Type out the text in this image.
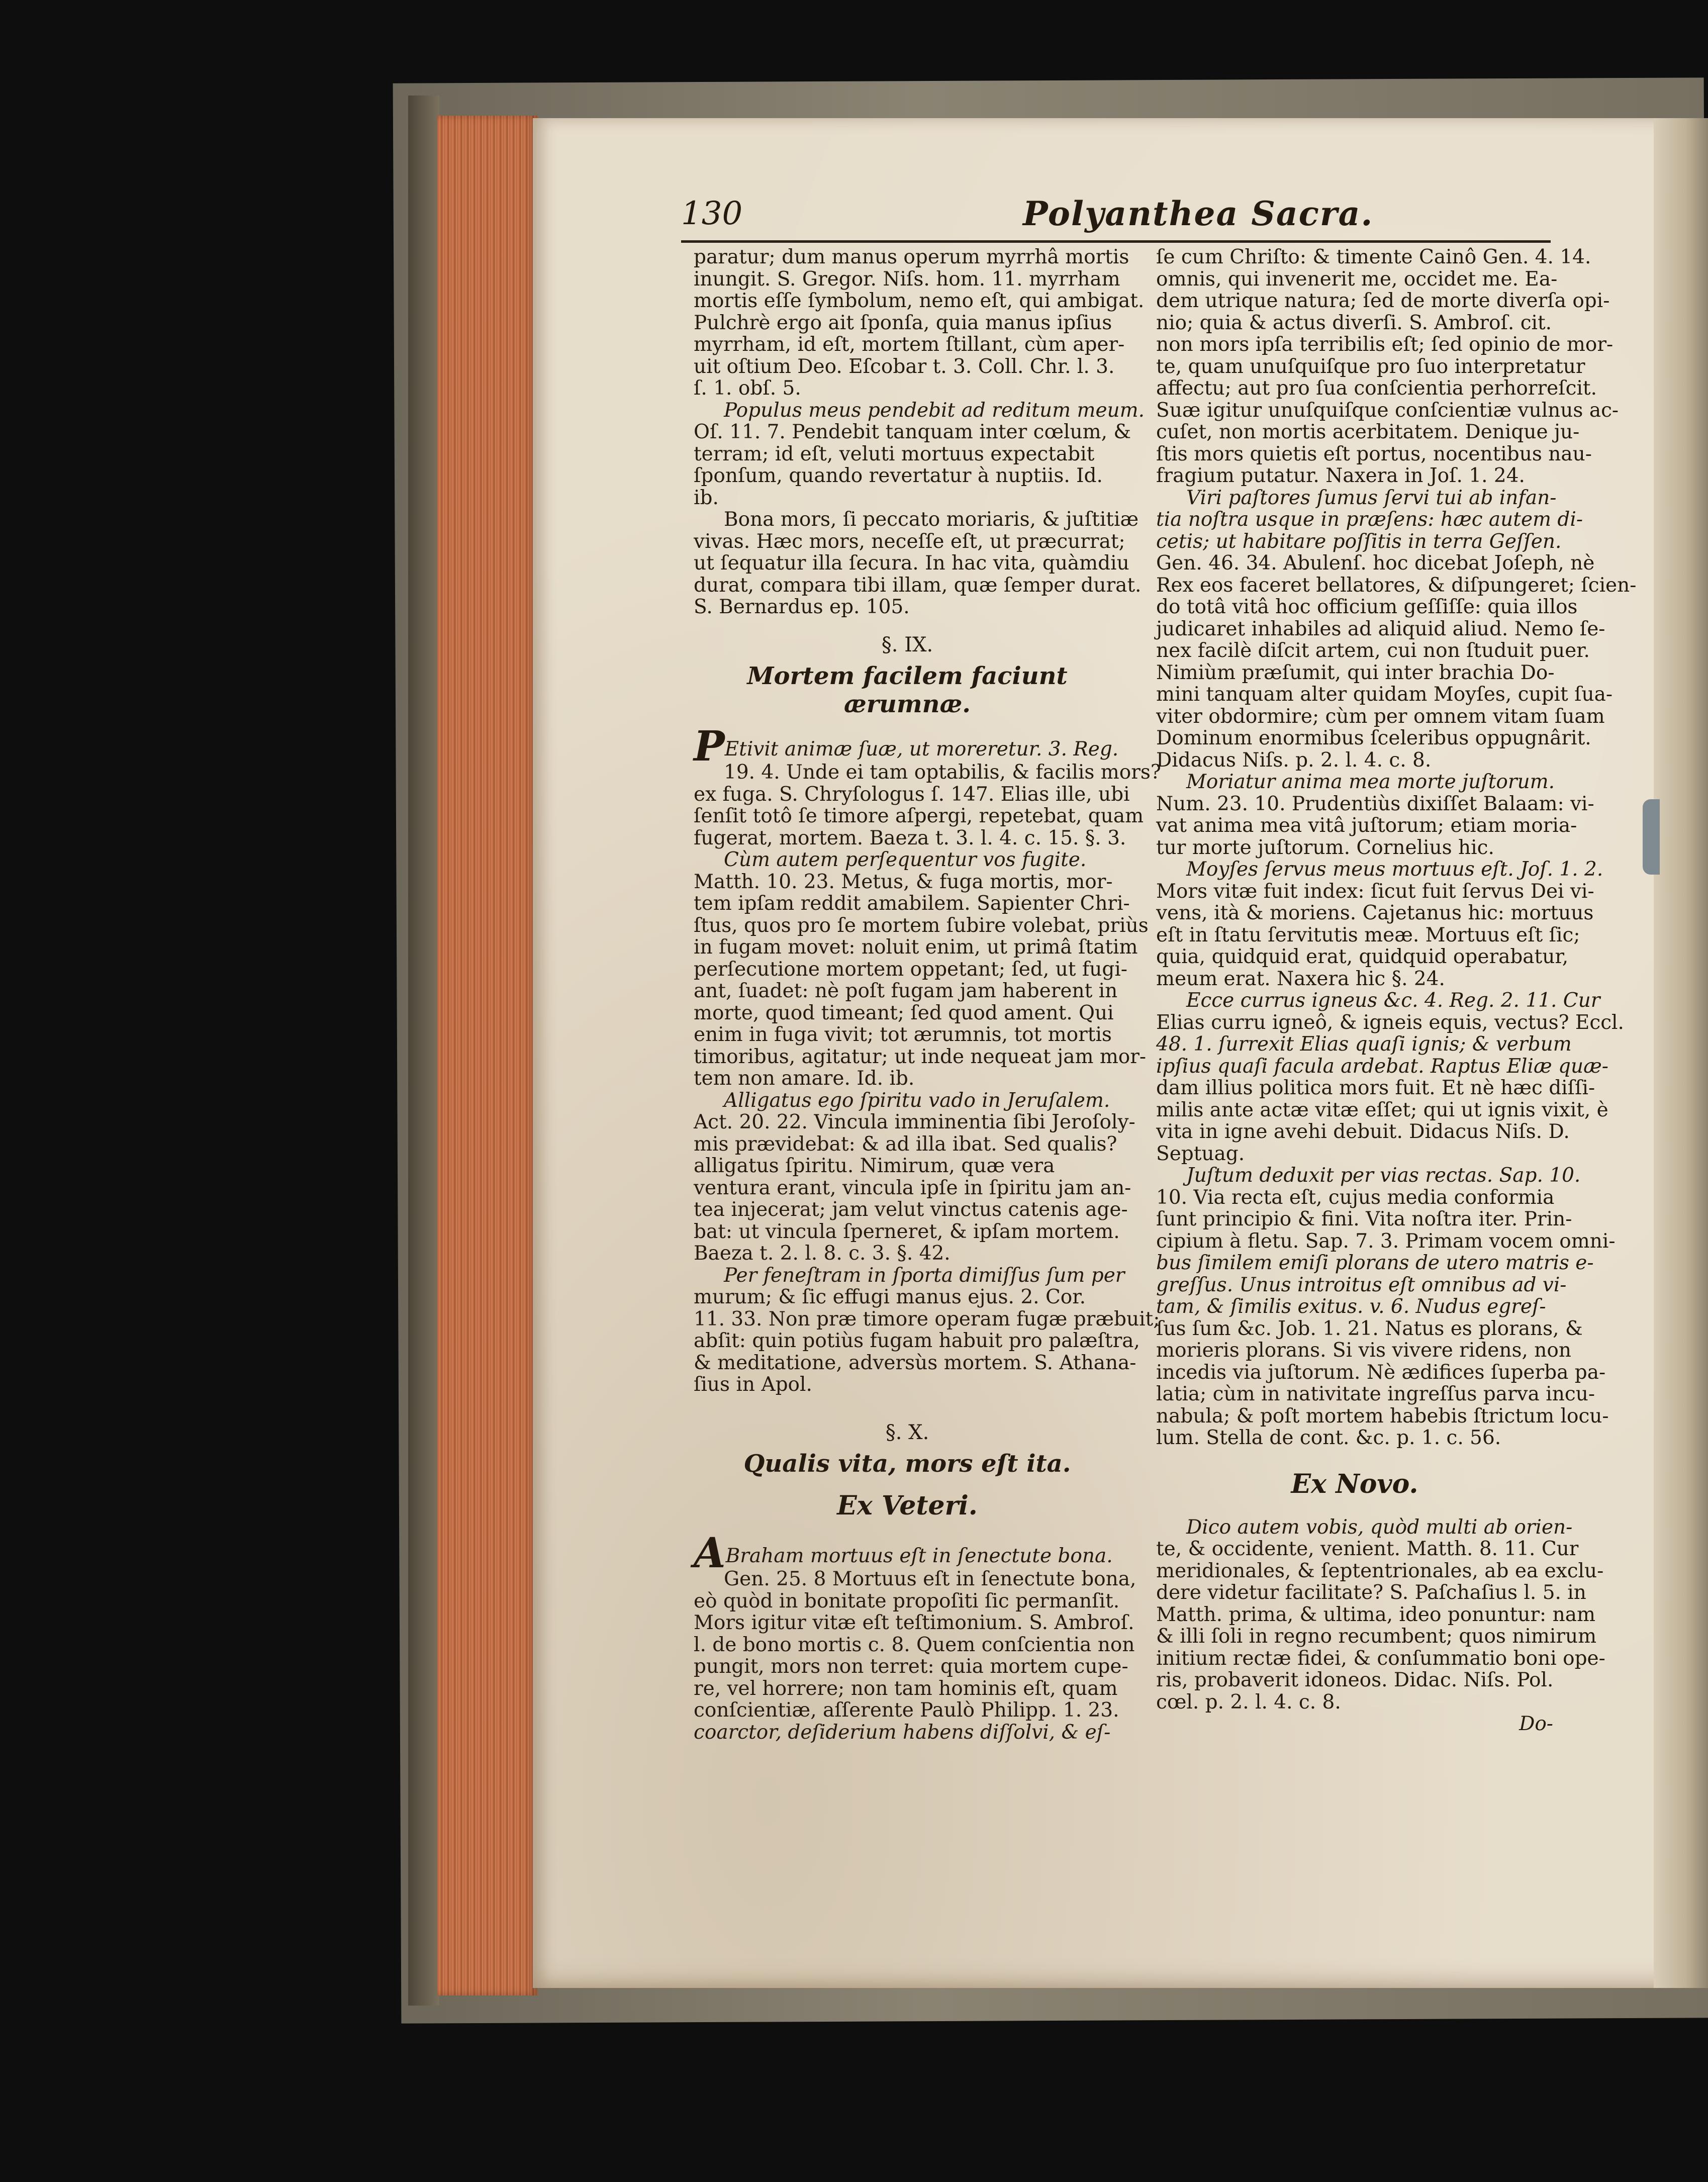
130	Polyanthea Sacra.

paratur; dum manus operum myrrhâ mortis
inungit. S. Gregor. Niſs. hom. 11. myrrham
mortis eſſe ſymbolum, nemo eſt, qui ambigat.
Pulchrè ergo ait ſponſa, quia manus ipſius
myrrham, id eſt, mortem ſtillant, cùm aper-
uit oſtium Deo. Eſcobar t. 3. Coll. Chr. l. 3.
ſ. 1. obſ. 5.

Populus meus pendebit ad reditum meum.
Oſ. 11. 7. Pendebit tanquam inter cœlum, &
terram; id eſt, veluti mortuus expectabit
ſponſum, quando revertatur à nuptiis. Id.
ib.

Bona mors, ſi peccato moriaris, & juſtitiæ
vivas. Hæc mors, neceſſe eſt, ut præcurrat;
ut ſequatur illa ſecura. In hac vita, quàmdiu
durat, compara tibi illam, quæ ſemper durat.
S. Bernardus ep. 105.

§. IX.
Mortem facilem faciunt ærumnæ.

PEtivit animæ ſuæ, ut moreretur. 3. Reg.
19. 4. Unde ei tam optabilis, & facilis mors?
ex fuga. S. Chryſologus ſ. 147. Elias ille, ubi
ſenſit totô ſe timore aſpergi, repetebat, quam
fugerat, mortem. Baeza t. 3. l. 4. c. 15. §. 3.

Cùm autem perſequentur vos fugite.
Matth. 10. 23. Metus, & fuga mortis, mor-
tem ipſam reddit amabilem. Sapienter Chri-
ſtus, quos pro ſe mortem ſubire volebat, priùs
in fugam movet: noluit enim, ut primâ ſtatim
perſecutione mortem oppetant; ſed, ut fugi-
ant, ſuadet: nè poſt fugam jam haberent in
morte, quod timeant; ſed quod ament. Qui
enim in fuga vivit; tot ærumnis, tot mortis
timoribus, agitatur; ut inde nequeat jam mor-
tem non amare. Id. ib.

Alligatus ego ſpiritu vado in Jeruſalem.
Act. 20. 22. Vincula imminentia ſibi Jeroſoly-
mis prævidebat: & ad illa ibat. Sed qualis?
alligatus ſpiritu. Nimirum, quæ vera
ventura erant, vincula ipſe in ſpiritu jam an-
tea injecerat; jam velut vinctus catenis age-
bat: ut vincula ſperneret, & ipſam mortem.
Baeza t. 2. l. 8. c. 3. §. 42.

Per feneſtram in ſporta dimiſſus ſum per
murum; & ſic effugi manus ejus. 2. Cor.
11. 33. Non præ timore operam fugæ præbuit;
abſit: quin potiùs fugam habuit pro palæſtra,
& meditatione, adversùs mortem. S. Athana-
ſius in Apol.

§. X.
Qualis vita, mors eſt ita.
Ex Veteri.

ABraham mortuus eſt in ſenectute bona.
Gen. 25. 8 Mortuus eſt in ſenectute bona,
eò quòd in bonitate propoſiti ſic permanſit.
Mors igitur vitæ eſt teſtimonium. S. Ambroſ.
l. de bono mortis c. 8. Quem conſcientia non
pungit, mors non terret: quia mortem cupe-
re, vel horrere; non tam hominis eſt, quam
conſcientiæ, aſſerente Paulò Philipp. 1. 23.
coarctor, deſiderium habens diſſolvi, & eſ-

ſe cum Chriſto: & timente Cainô Gen. 4. 14.
omnis, qui invenerit me, occidet me. Ea-
dem utrique natura; ſed de morte diverſa opi-
nio; quia & actus diverſi. S. Ambroſ. cit.
non mors ipſa terribilis eſt; ſed opinio de mor-
te, quam unuſquiſque pro ſuo interpretatur
affectu; aut pro ſua conſcientia perhorreſcit.
Suæ igitur unuſquiſque conſcientiæ vulnus ac-
cuſet, non mortis acerbitatem. Denique ju-
ſtis mors quietis eſt portus, nocentibus nau-
fragium putatur. Naxera in Joſ. 1. 24.

Viri paſtores ſumus ſervi tui ab infan-
tia noſtra usque in præſens: hæc autem di-
cetis; ut habitare poſſitis in terra Geſſen.
Gen. 46. 34. Abulenſ. hoc dicebat Joſeph, nè
Rex eos faceret bellatores, & diſpungeret; ſcien-
do totâ vitâ hoc officium geſſiſſe: quia illos
judicaret inhabiles ad aliquid aliud. Nemo ſe-
nex facilè diſcit artem, cui non ſtuduit puer.
Nimiùm præſumit, qui inter brachia Do-
mini tanquam alter quidam Moyſes, cupit ſua-
viter obdormire; cùm per omnem vitam ſuam
Dominum enormibus ſceleribus oppugnârit.
Didacus Niſs. p. 2. l. 4. c. 8.

Moriatur anima mea morte juſtorum.
Num. 23. 10. Prudentiùs dixiſſet Balaam: vi-
vat anima mea vitâ juſtorum; etiam moria-
tur morte juſtorum. Cornelius hic.

Moyſes ſervus meus mortuus eſt. Joſ. 1. 2.
Mors vitæ fuit index: ſicut fuit ſervus Dei vi-
vens, ità & moriens. Cajetanus hic: mortuus
eſt in ſtatu ſervitutis meæ. Mortuus eſt ſic;
quia, quidquid erat, quidquid operabatur,
meum erat. Naxera hic §. 24.

Ecce currus igneus &c. 4. Reg. 2. 11. Cur
Elias curru igneô, & igneis equis, vectus? Eccl.
48. 1. ſurrexit Elias quaſi ignis; & verbum
ipſius quaſi facula ardebat. Raptus Eliæ quæ-
dam illius politica mors fuit. Et nè hæc diſſi-
milis ante actæ vitæ eſſet; qui ut ignis vixit, è
vita in igne avehi debuit. Didacus Niſs. D.
Septuag.

Juſtum deduxit per vias rectas. Sap. 10.
10. Via recta eſt, cujus media conformia
ſunt principio & fini. Vita noſtra iter. Prin-
cipium à fletu. Sap. 7. 3. Primam vocem omni-
bus ſimilem emiſi plorans de utero matris e-
greſſus. Unus introitus eſt omnibus ad vi-
tam, & ſimilis exitus. v. 6. Nudus egreſ-
ſus ſum &c. Job. 1. 21. Natus es plorans, &
morieris plorans. Si vis vivere ridens, non
incedis via juſtorum. Nè ædifices ſuperba pa-
latia; cùm in nativitate ingreſſus parva incu-
nabula; & poſt mortem habebis ſtrictum locu-
lum. Stella de cont. &c. p. 1. c. 56.

Ex Novo.

Dico autem vobis, quòd multi ab orien-
te, & occidente, venient. Matth. 8. 11. Cur
meridionales, & ſeptentrionales, ab ea exclu-
dere videtur facilitate? S. Paſchaſius l. 5. in
Matth. prima, & ultima, ideo ponuntur: nam
& illi ſoli in regno recumbent; quos nimirum
initium rectæ fidei, & conſummatio boni ope-
ris, probaverit idoneos. Didac. Niſs. Pol.
cœl. p. 2. l. 4. c. 8.

Do-
